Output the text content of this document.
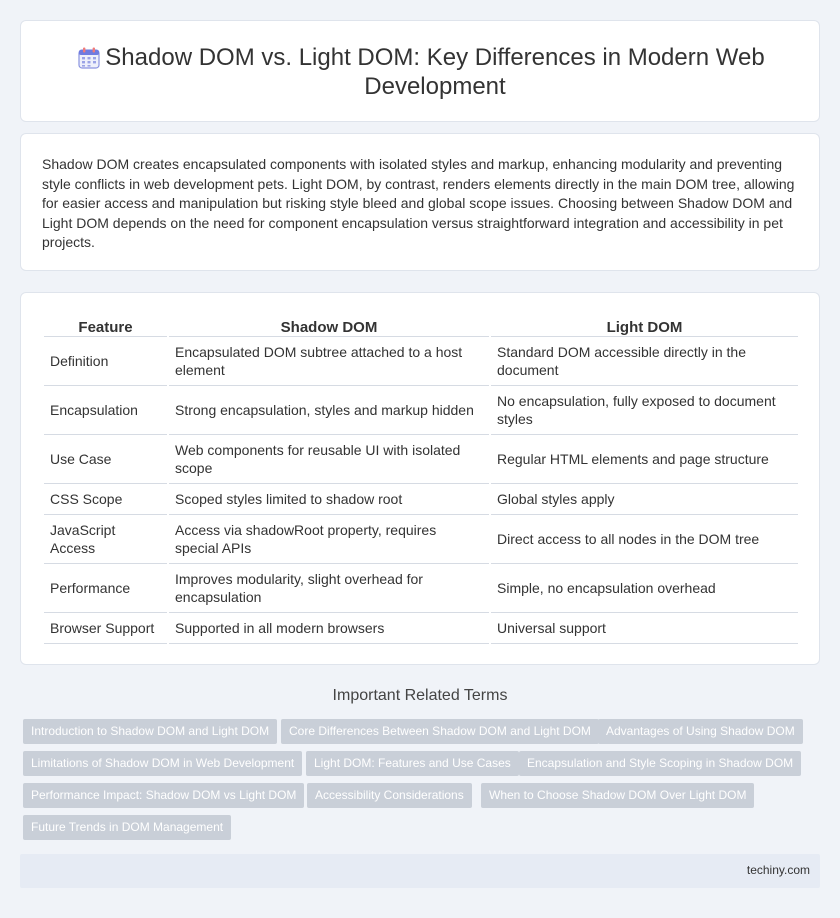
Shadow DOM vs. Light DOM: Key Differences in Modern Web Development

Shadow DOM creates encapsulated components with isolated styles and markup, enhancing modularity and preventing style conflicts in web development pets. Light DOM, by contrast, renders elements directly in the main DOM tree, allowing for easier access and manipulation but risking style bleed and global scope issues. Choosing between Shadow DOM and Light DOM depends on the need for component encapsulation versus straightforward integration and accessibility in pet projects.

Feature	Shadow DOM	Light DOM
Definition	Encapsulated DOM subtree attached to a host element	Standard DOM accessible directly in the document
Encapsulation	Strong encapsulation, styles and markup hidden	No encapsulation, fully exposed to document styles
Use Case	Web components for reusable UI with isolated scope	Regular HTML elements and page structure
CSS Scope	Scoped styles limited to shadow root	Global styles apply
JavaScript Access	Access via shadowRoot property, requires special APIs	Direct access to all nodes in the DOM tree
Performance	Improves modularity, slight overhead for encapsulation	Simple, no encapsulation overhead
Browser Support	Supported in all modern browsers	Universal support
Important Related Terms
Introduction to Shadow DOM and Light DOM	Core Differences Between Shadow DOM and Light DOM	Advantages of Using Shadow DOM
Limitations of Shadow DOM in Web Development	Light DOM: Features and Use Cases	Encapsulation and Style Scoping in Shadow DOM
Performance Impact: Shadow DOM vs Light DOM	Accessibility Considerations	When to Choose Shadow DOM Over Light DOM
Future Trends in DOM Management
techiny.com
